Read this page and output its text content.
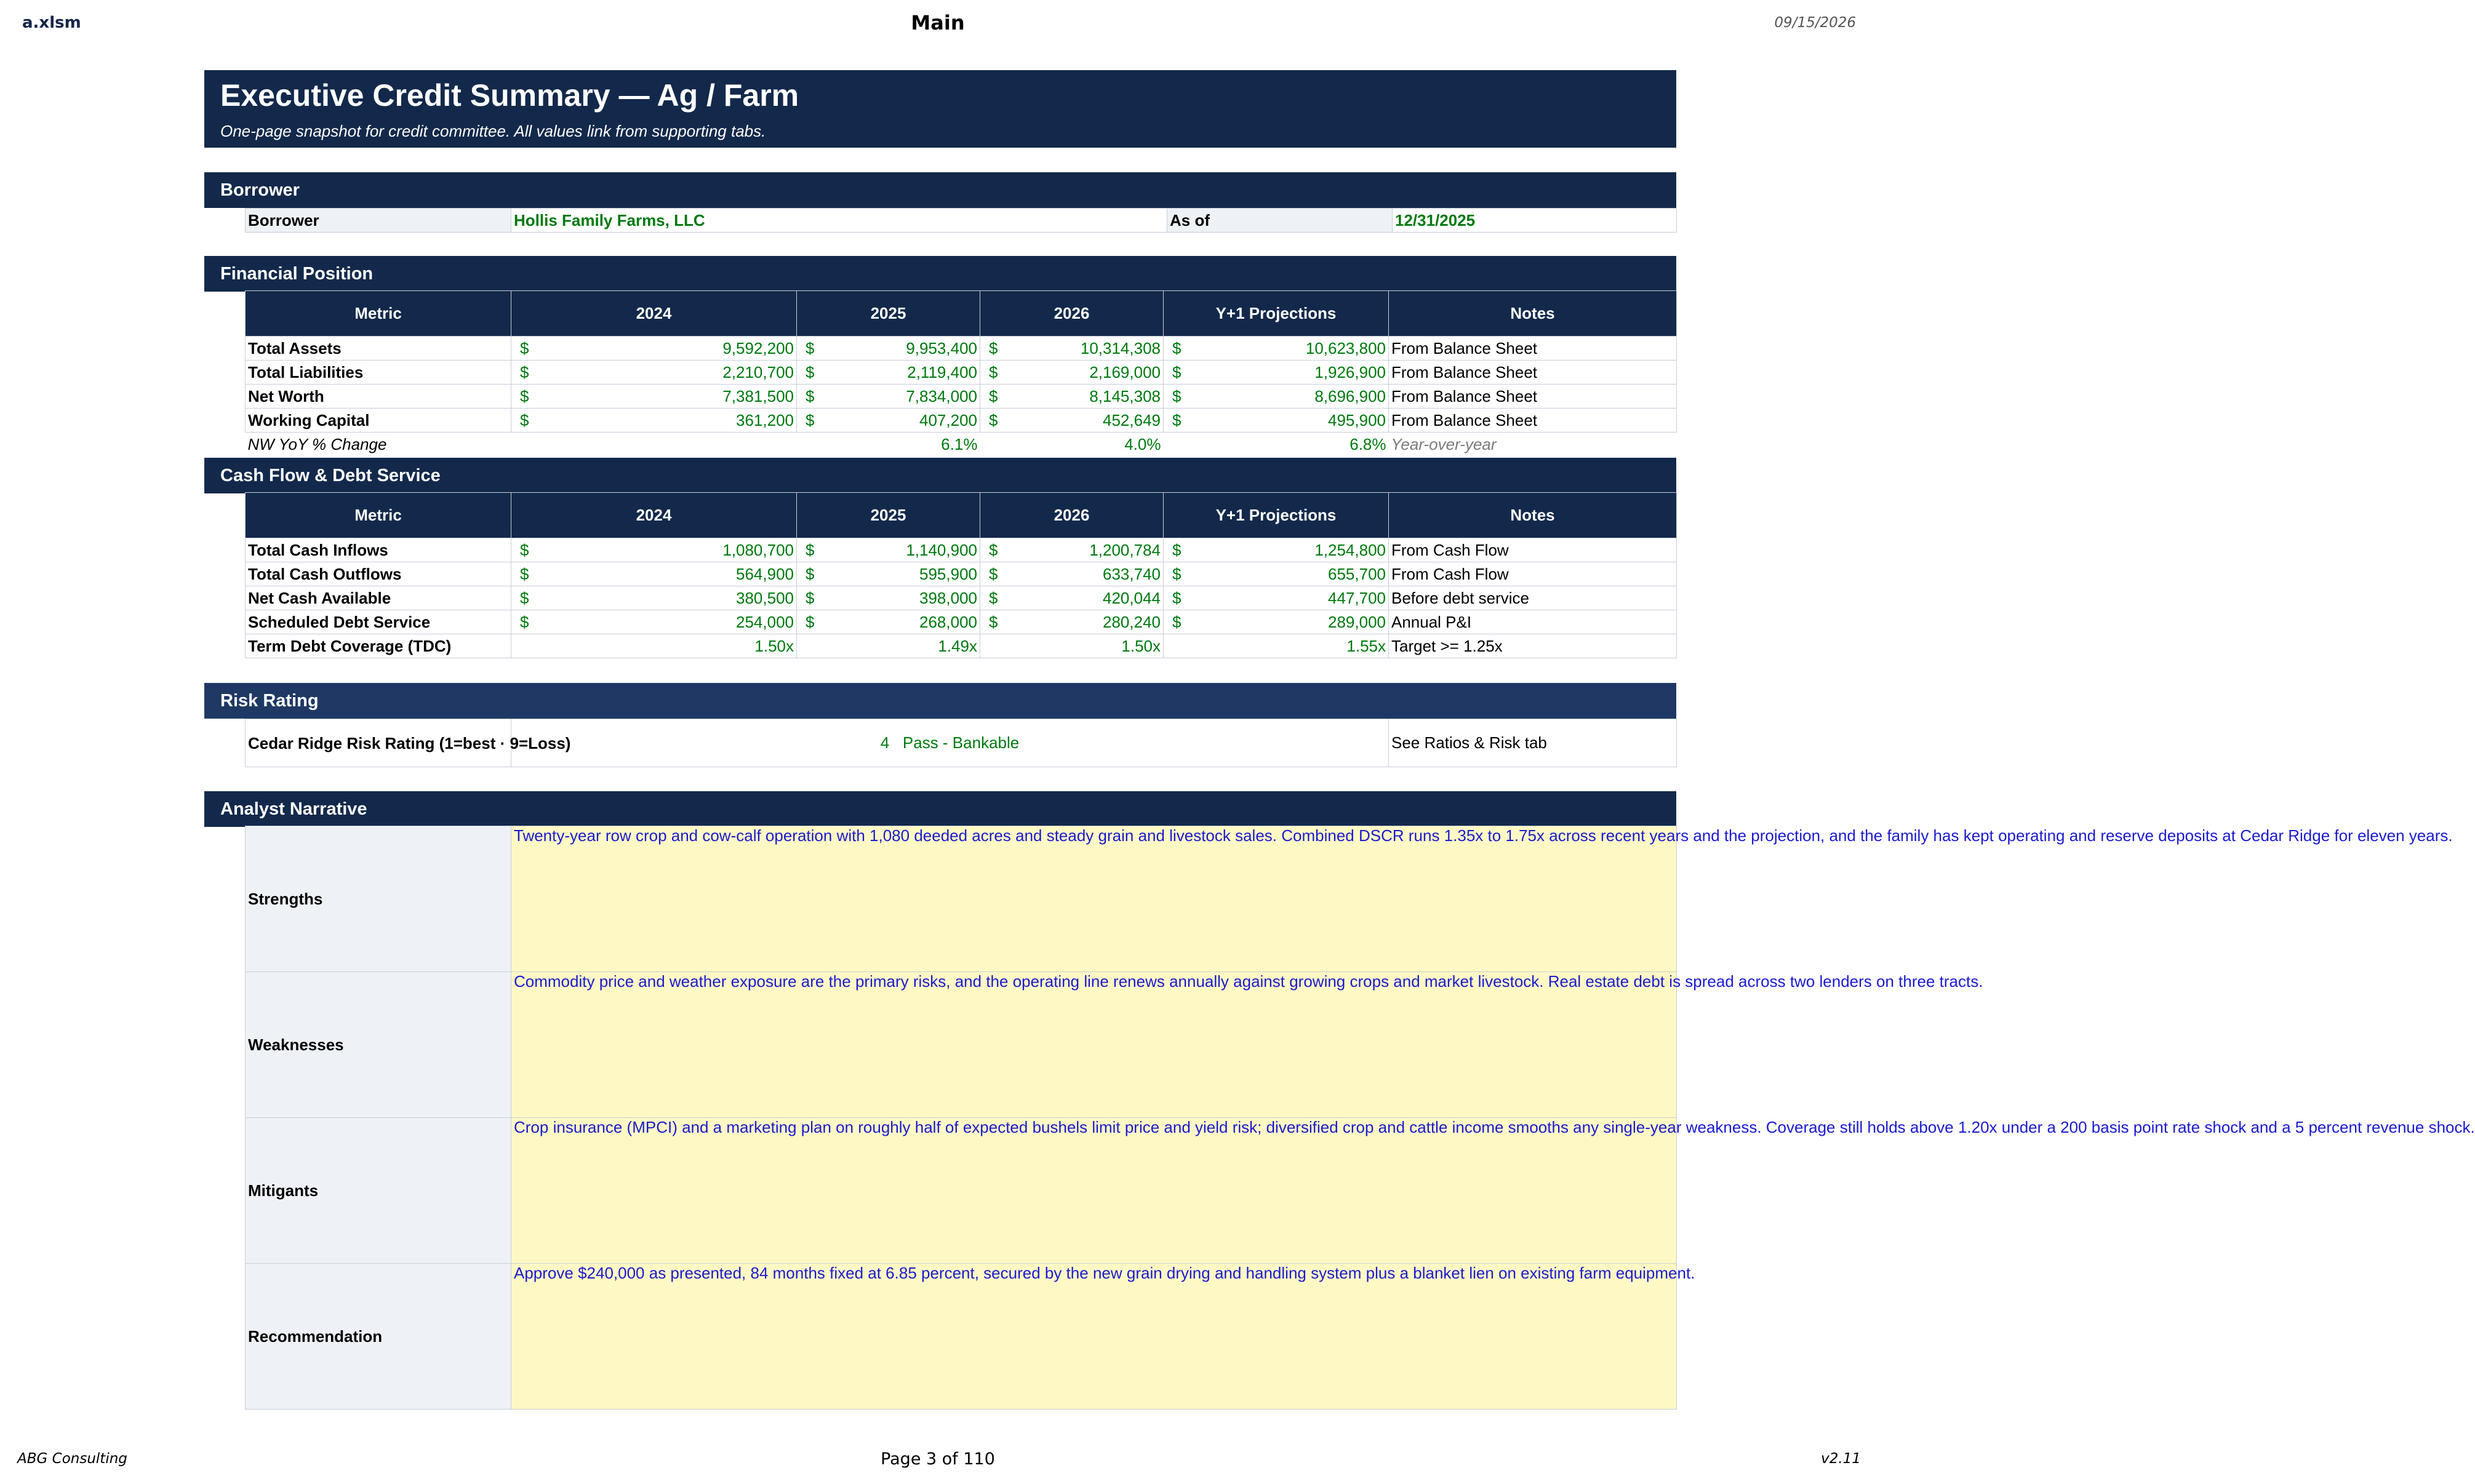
a.xlsm	Main	09/15/2026
Executive Credit Summary — Ag / Farm
One-page snapshot for credit committee. All values link from supporting tabs.
Borrower
Borrower	Hollis Family Farms, LLC	As of	12/31/2025
Financial Position
Metric	2024	2025	2026	Y+1 Projections	Notes
Total Assets	$ 9,592,200	$ 9,953,400	$ 10,314,308	$ 10,623,800	From Balance Sheet
Total Liabilities	$ 2,210,700	$ 2,119,400	$ 2,169,000	$ 1,926,900	From Balance Sheet
Net Worth	$ 7,381,500	$ 7,834,000	$ 8,145,308	$ 8,696,900	From Balance Sheet
Working Capital	$ 361,200	$ 407,200	$ 452,649	$ 495,900	From Balance Sheet
NW YoY % Change		6.1%	4.0%	6.8%	Year-over-year
Cash Flow & Debt Service
Metric	2024	2025	2026	Y+1 Projections	Notes
Total Cash Inflows	$ 1,080,700	$ 1,140,900	$ 1,200,784	$ 1,254,800	From Cash Flow
Total Cash Outflows	$ 564,900	$ 595,900	$ 633,740	$ 655,700	From Cash Flow
Net Cash Available	$ 380,500	$ 398,000	$ 420,044	$ 447,700	Before debt service
Scheduled Debt Service	$ 254,000	$ 268,000	$ 280,240	$ 289,000	Annual P&I
Term Debt Coverage (TDC)	1.50x	1.49x	1.50x	1.55x	Target >= 1.25x
Risk Rating
Cedar Ridge Risk Rating (1=best · 9=Loss)	4   Pass - Bankable	See Ratios & Risk tab
Analyst Narrative
Strengths	Twenty-year row crop and cow-calf operation with 1,080 deeded acres and steady grain and livestock sales. Combined DSCR runs 1.35x to 1.75x across recent years and the projection, and the family has kept operating and reserve deposits at Cedar Ridge for eleven years.
Weaknesses	Commodity price and weather exposure are the primary risks, and the operating line renews annually against growing crops and market livestock. Real estate debt is spread across two lenders on three tracts.
Mitigants	Crop insurance (MPCI) and a marketing plan on roughly half of expected bushels limit price and yield risk; diversified crop and cattle income smooths any single-year weakness. Coverage still holds above 1.20x under a 200 basis point rate shock and a 5 percent revenue shock.
Recommendation	Approve $240,000 as presented, 84 months fixed at 6.85 percent, secured by the new grain drying and handling system plus a blanket lien on existing farm equipment.
ABG Consulting	Page 3 of 110	v2.11
